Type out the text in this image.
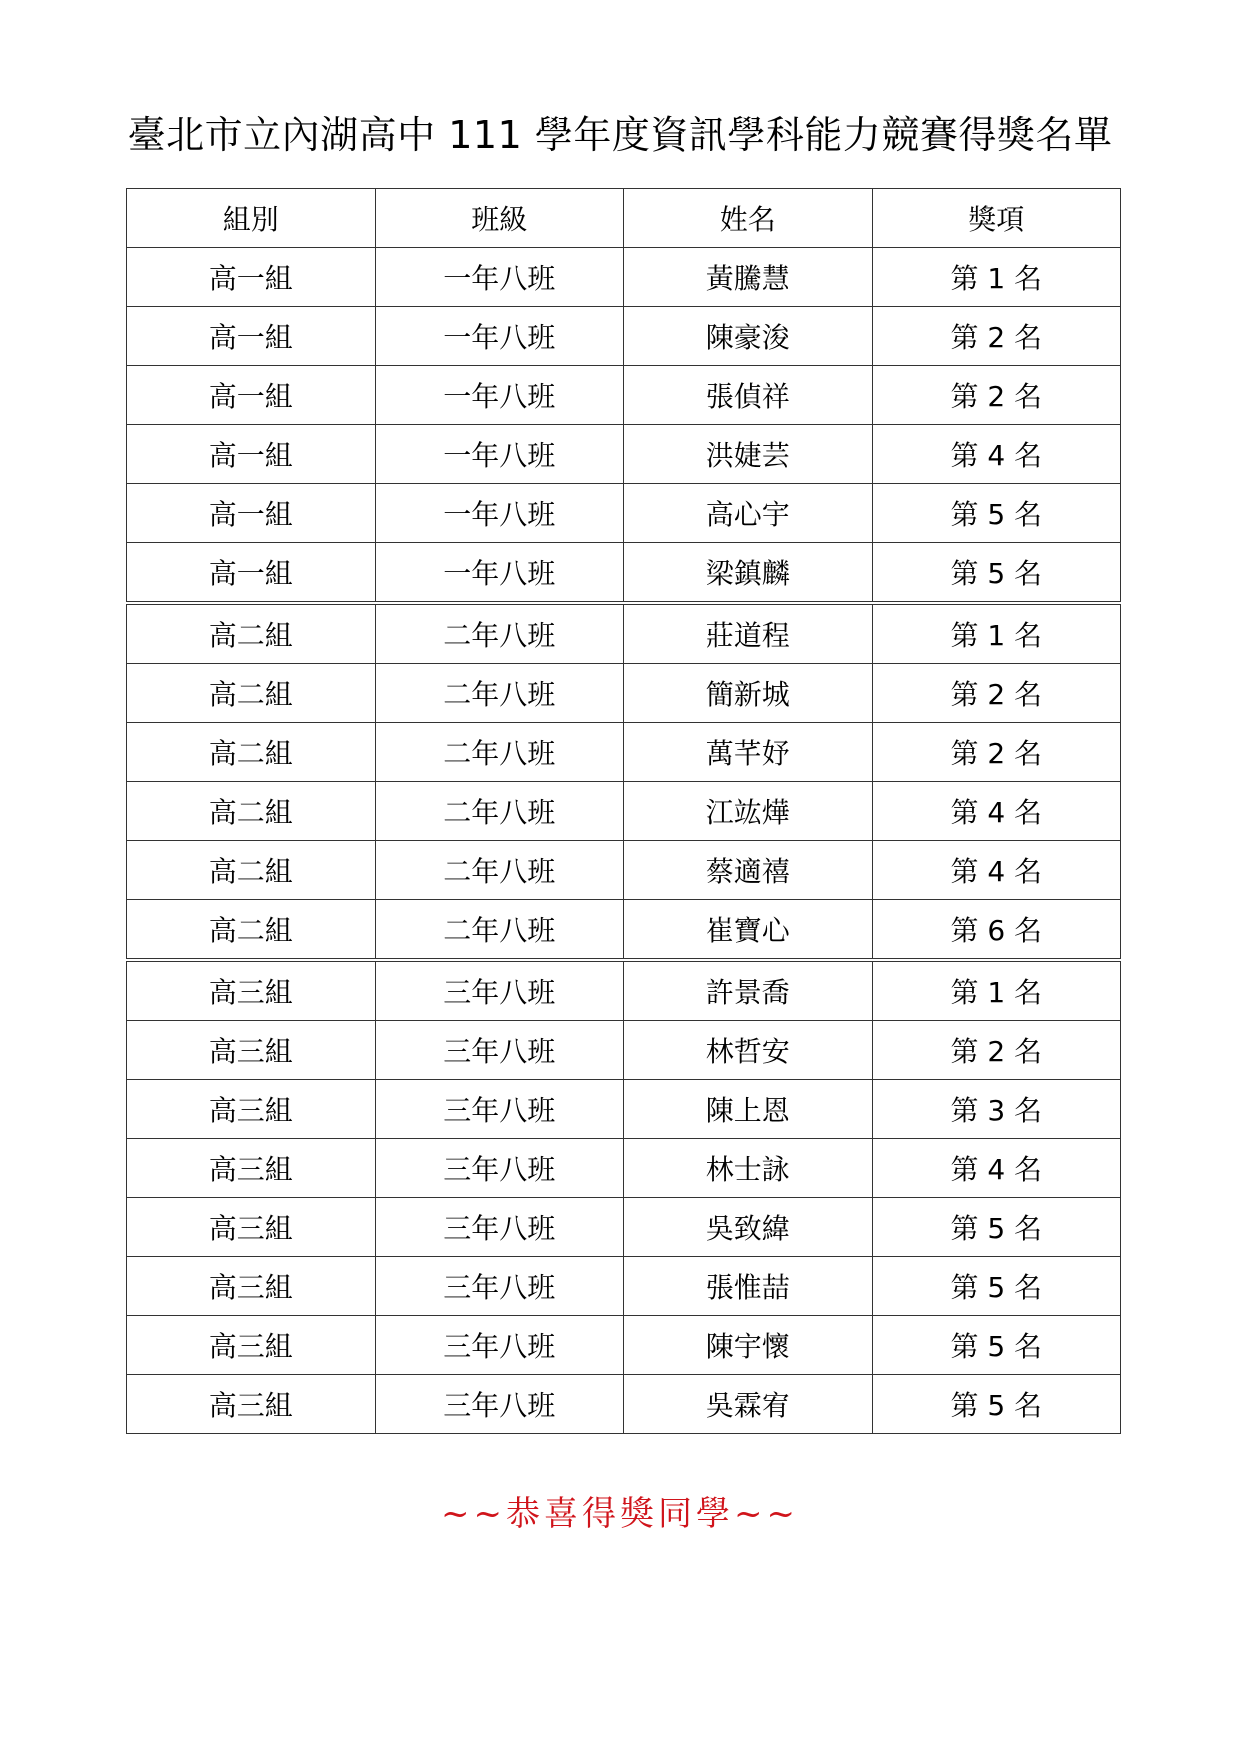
臺北市立內湖高中 111 學年度資訊學科能力競賽得獎名單
組別	班級	姓名	獎項
高一組	一年八班	黃騰慧	第 1 名
高一組	一年八班	陳豪浚	第 2 名
高一組	一年八班	張偵祥	第 2 名
高一組	一年八班	洪婕芸	第 4 名
高一組	一年八班	高心宇	第 5 名
高一組	一年八班	梁鎮麟	第 5 名
高二組	二年八班	莊道程	第 1 名
高二組	二年八班	簡新城	第 2 名
高二組	二年八班	萬芊妤	第 2 名
高二組	二年八班	江竑燁	第 4 名
高二組	二年八班	蔡適禧	第 4 名
高二組	二年八班	崔寶心	第 6 名
高三組	三年八班	許景喬	第 1 名
高三組	三年八班	林哲安	第 2 名
高三組	三年八班	陳上恩	第 3 名
高三組	三年八班	林士詠	第 4 名
高三組	三年八班	吳致緯	第 5 名
高三組	三年八班	張惟喆	第 5 名
高三組	三年八班	陳宇懷	第 5 名
高三組	三年八班	吳霖宥	第 5 名
~~恭喜得獎同學~~
